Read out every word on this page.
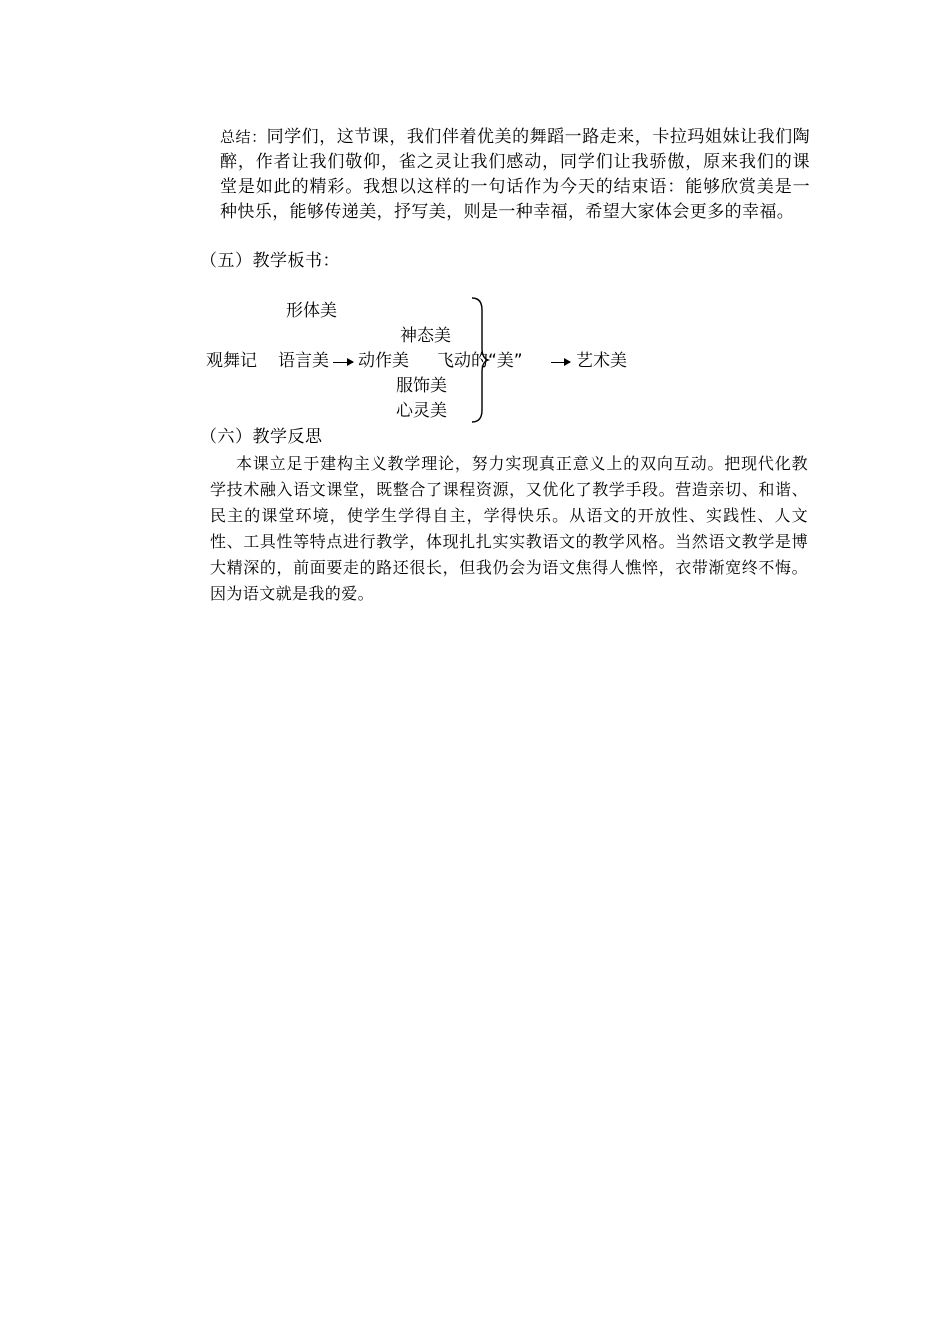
总结：同学们，这节课，我们伴着优美的舞蹈一路走来，卡拉玛姐妹让我们陶醉，作者让我们敬仰，雀之灵让我们感动，同学们让我骄傲，原来我们的课堂是如此的精彩。我想以这样的一句话作为今天的结束语：能够欣赏美是一种快乐，能够传递美，抒写美，则是一种幸福，希望大家体会更多的幸福。
（五）教学板书：
形体美
神态美
观舞记 语言美 动作美 飞动的“美”	艺术美
服饰美
心灵美
（六）教学反思
本课立足于建构主义教学理论，努力实现真正意义上的双向互动。把现代化教学技术融入语文课堂，既整合了课程资源，又优化了教学手段。营造亲切、和谐、民主的课堂环境，使学生学得自主，学得快乐。从语文的开放性、实践性、人文性、工具性等特点进行教学，体现扎扎实实教语文的教学风格。当然语文教学是博大精深的，前面要走的路还很长，但我仍会为语文焦得人憔悴，衣带渐宽终不悔。因为语文就是我的爱。
